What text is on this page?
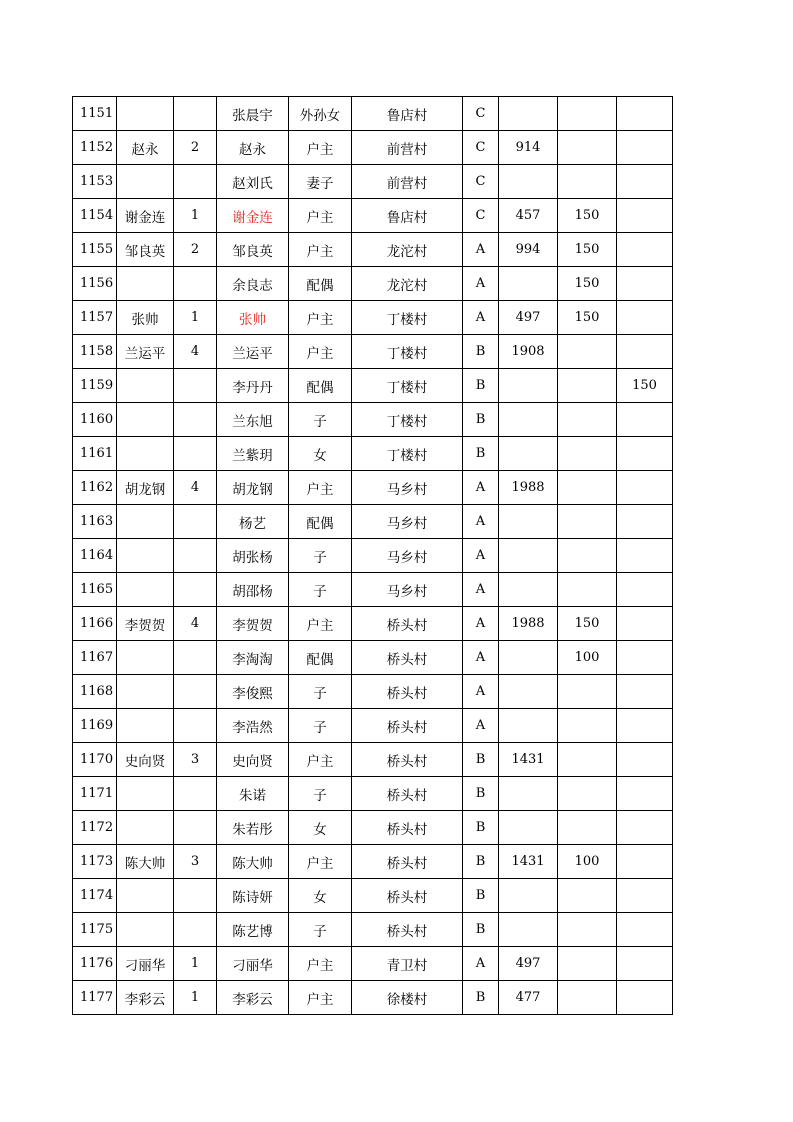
1151			张晨宇	外孙女	鲁店村	C			
1152	赵永	2	赵永	户主	前营村	C	914		
1153			赵刘氏	妻子	前营村	C			
1154	谢金连	1	谢金连	户主	鲁店村	C	457	150	
1155	邹良英	2	邹良英	户主	龙沱村	A	994	150	
1156			余良志	配偶	龙沱村	A		150	
1157	张帅	1	张帅	户主	丁楼村	A	497	150	
1158	兰运平	4	兰运平	户主	丁楼村	B	1908		
1159			李丹丹	配偶	丁楼村	B			150
1160			兰东旭	子	丁楼村	B			
1161			兰紫玥	女	丁楼村	B			
1162	胡龙钢	4	胡龙钢	户主	马乡村	A	1988		
1163			杨艺	配偶	马乡村	A			
1164			胡张杨	子	马乡村	A			
1165			胡邵杨	子	马乡村	A			
1166	李贺贺	4	李贺贺	户主	桥头村	A	1988	150	
1167			李淘淘	配偶	桥头村	A		100	
1168			李俊熙	子	桥头村	A			
1169			李浩然	子	桥头村	A			
1170	史向贤	3	史向贤	户主	桥头村	B	1431		
1171			朱诺	子	桥头村	B			
1172			朱若彤	女	桥头村	B			
1173	陈大帅	3	陈大帅	户主	桥头村	B	1431	100	
1174			陈诗妍	女	桥头村	B			
1175			陈艺博	子	桥头村	B			
1176	刁丽华	1	刁丽华	户主	青卫村	A	497		
1177	李彩云	1	李彩云	户主	徐楼村	B	477		
